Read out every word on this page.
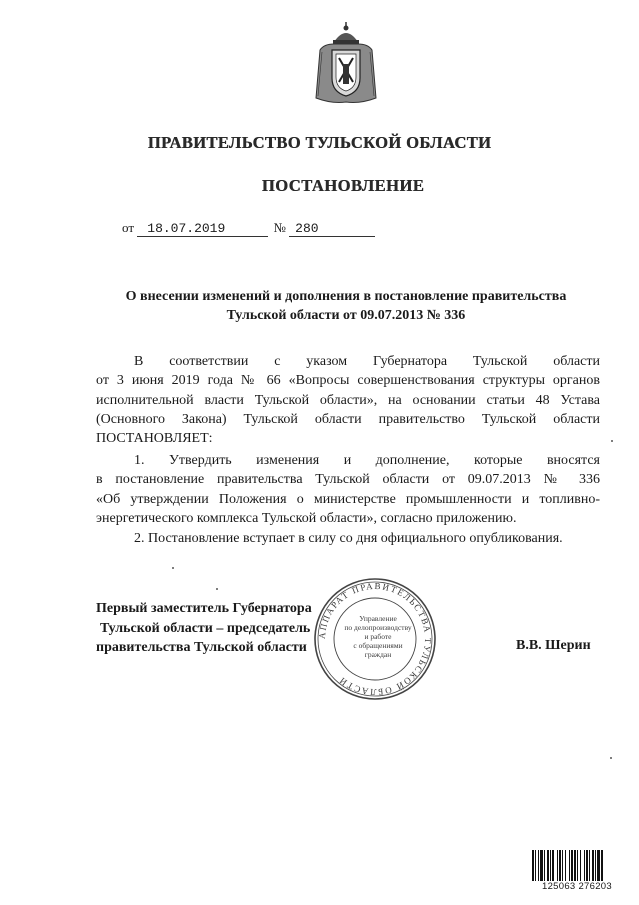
ПРАВИТЕЛЬСТВО ТУЛЬСКОЙ ОБЛАСТИ
ПОСТАНОВЛЕНИЕ
от 18.07.2019	№ 280
О внесении изменений и дополнения в постановление правительства
Тульской области от 09.07.2013 № 336
В соответствии с указом Губернатора Тульской области
от 3 июня 2019 года № 66 «Вопросы совершенствования структуры органов
исполнительной власти Тульской области», на основании статьи 48 Устава
(Основного Закона) Тульской области правительство Тульской области
ПОСТАНОВЛЯЕТ:
1. Утвердить изменения и дополнение, которые вносятся
в постановление правительства Тульской области от 09.07.2013 № 336
«Об утверждении Положения о министерстве промышленности и топливно-
энергетического комплекса Тульской области», согласно приложению.
2. Постановление вступает в силу со дня официального опубликования.
АППАРАТ ПРАВИТЕЛЬСТВА ТУЛЬСКОЙ ОБЛАСТИ
Управление
по делопроизводству
и работе
с обращениями
граждан
Первый заместитель Губернатора
Тульской области – председатель
правительства Тульской области	В.В. Шерин
125063 276203
